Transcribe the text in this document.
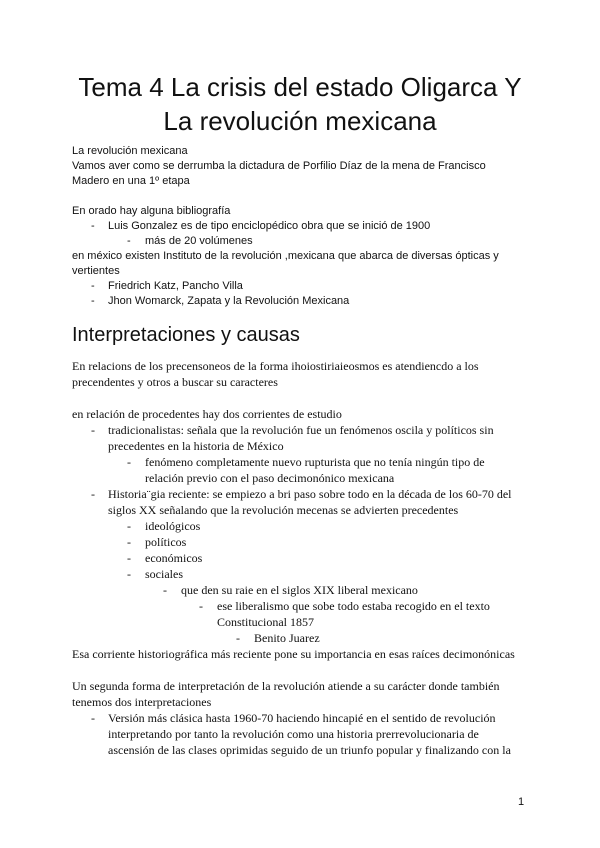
Tema 4 La crisis del estado Oligarca Y
La revolución mexicana
La revolución mexicana
Vamos aver como se derrumba la dictadura de Porfilio Díaz de la mena de Francisco
Madero en una 1º etapa
En orado hay alguna bibliografía
- Luis Gonzalez es de tipo enciclopédico obra que se inició de 1900
- más de 20 volúmenes
en méxico existen Instituto de la revolución ,mexicana que abarca de diversas ópticas y
vertientes
- Friedrich Katz, Pancho Villa
- Jhon Womarck, Zapata y la Revolución Mexicana
Interpretaciones y causas
En relacions de los precensoneos de la forma ihoiostiriaieosmos es atendiencdo a los
precendentes y otros a buscar su caracteres
en relación de procedentes hay dos corrientes de estudio
- tradicionalistas: señala que la revolución fue un fenómenos oscila y políticos sin
precedentes en la historia de México
- fenómeno completamente nuevo rupturista que no tenía ningún tipo de
relación previo con el paso decimonónico mexicana
- Historia¨gia reciente: se empiezo a bri paso sobre todo en la década de los 60-70 del
siglos XX señalando que la revolución mecenas se advierten precedentes
- ideológicos
- políticos
- económicos
- sociales
- que den su raie en el siglos XIX liberal mexicano
- ese liberalismo que sobe todo estaba recogido en el texto
Constitucional 1857
- Benito Juarez
Esa corriente historiográfica más reciente pone su importancia en esas raíces decimonónicas
Un segunda forma de interpretación de la revolución atiende a su carácter donde también
tenemos dos interpretaciones
- Versión más clásica hasta 1960-70 haciendo hincapié en el sentido de revolución
interpretando por tanto la revolución como una historia prerrevolucionaria de
ascensión de las clases oprimidas seguido de un triunfo popular y finalizando con la
1
